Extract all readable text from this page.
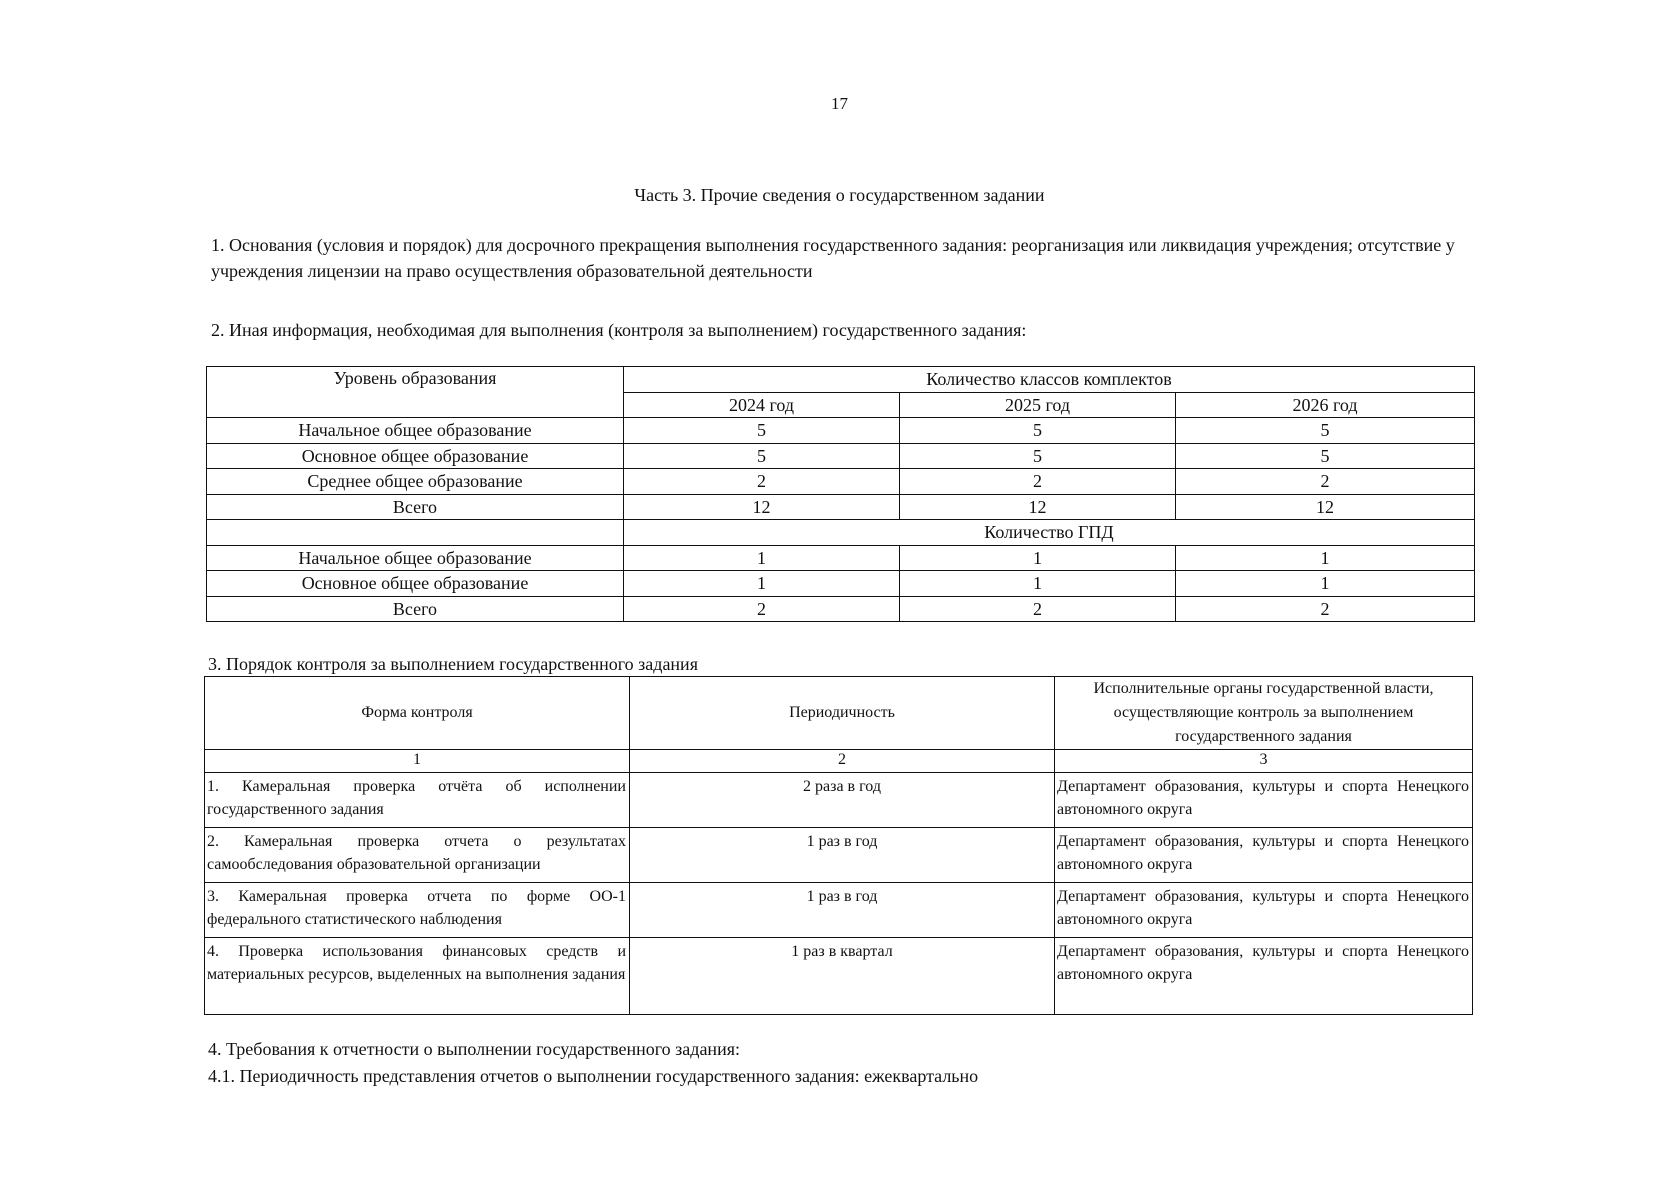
17
Часть 3. Прочие сведения о государственном задании
1. Основания (условия и порядок) для досрочного прекращения выполнения государственного задания: реорганизация или ликвидация учреждения; отсутствие у учреждения лицензии на право осуществления образовательной деятельности
2. Иная информация, необходимая для выполнения (контроля за выполнением) государственного задания:
Уровень образования	Количество классов комплектов		
	2024 год	2025 год	2026 год
Начальное общее образование	5	5	5
Основное общее образование	5	5	5
Среднее общее образование	2	2	2
Всего	12	12	12
	Количество ГПД		
Начальное общее образование	1	1	1
Основное общее образование	1	1	1
Всего	2	2	2
3. Порядок контроля за выполнением государственного задания
Форма контроля	Периодичность	Исполнительные органы государственной власти, осуществляющие контроль за выполнением государственного задания
1	2	3
1. Камеральная проверка отчёта об исполнении государственного задания	2 раза в год	Департамент образования, культуры и спорта Ненецкого автономного округа
2. Камеральная проверка отчета о результатах самообследования образовательной организации	1 раз в год	Департамент образования, культуры и спорта Ненецкого автономного округа
3. Камеральная проверка отчета по форме ОО-1 федерального статистического наблюдения	1 раз в год	Департамент образования, культуры и спорта Ненецкого автономного округа
4. Проверка использования финансовых средств и материальных ресурсов, выделенных на выполнения задания	1 раз в квартал	Департамент образования, культуры и спорта Ненецкого автономного округа
4. Требования к отчетности о выполнении государственного задания:
4.1. Периодичность представления отчетов о выполнении государственного задания: ежеквартально
